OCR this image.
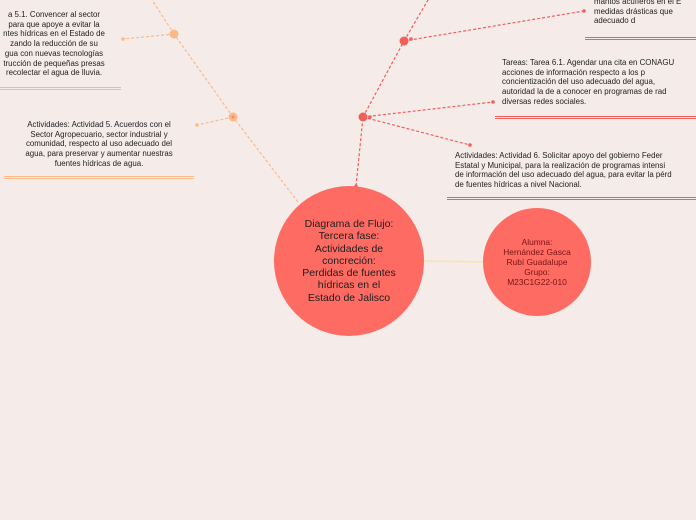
a 5.1. Convencer al sector
para que apoye a evitar la
ntes hídricas en el Estado de
zando la reducción de su
gua con nuevas tecnologías
trucción de pequeñas presas
recolectar el agua de lluvia.
Actividades: Actividad 5. Acuerdos con el
Sector Agropecuario, sector industrial y
comunidad, respecto al uso adecuado del
agua, para preservar y aumentar nuestras
fuentes hídricas de agua.
mantos acuíferos en el E
medidas drásticas que
adecuado d
Tareas: Tarea 6.1. Agendar una cita en CONAGU
acciones de información respecto a los p
concientización del uso adecuado del agua,
autoridad la de a conocer en programas de rad
diversas redes sociales.
Actividades: Actividad 6. Solicitar apoyo del gobierno Feder
Estatal y Municipal, para la realización de programas intensi
de información del uso adecuado del agua, para evitar la pérd
de fuentes hídricas a nivel Nacional.
Diagrama de Flujo:
Tercera fase:
Actividades de
concreción:
Perdidas de fuentes
hídricas en el
Estado de Jalisco
Alumna:
Hernández Gasca
Rubí Guadalupe
Grupo:
M23C1G22-010
